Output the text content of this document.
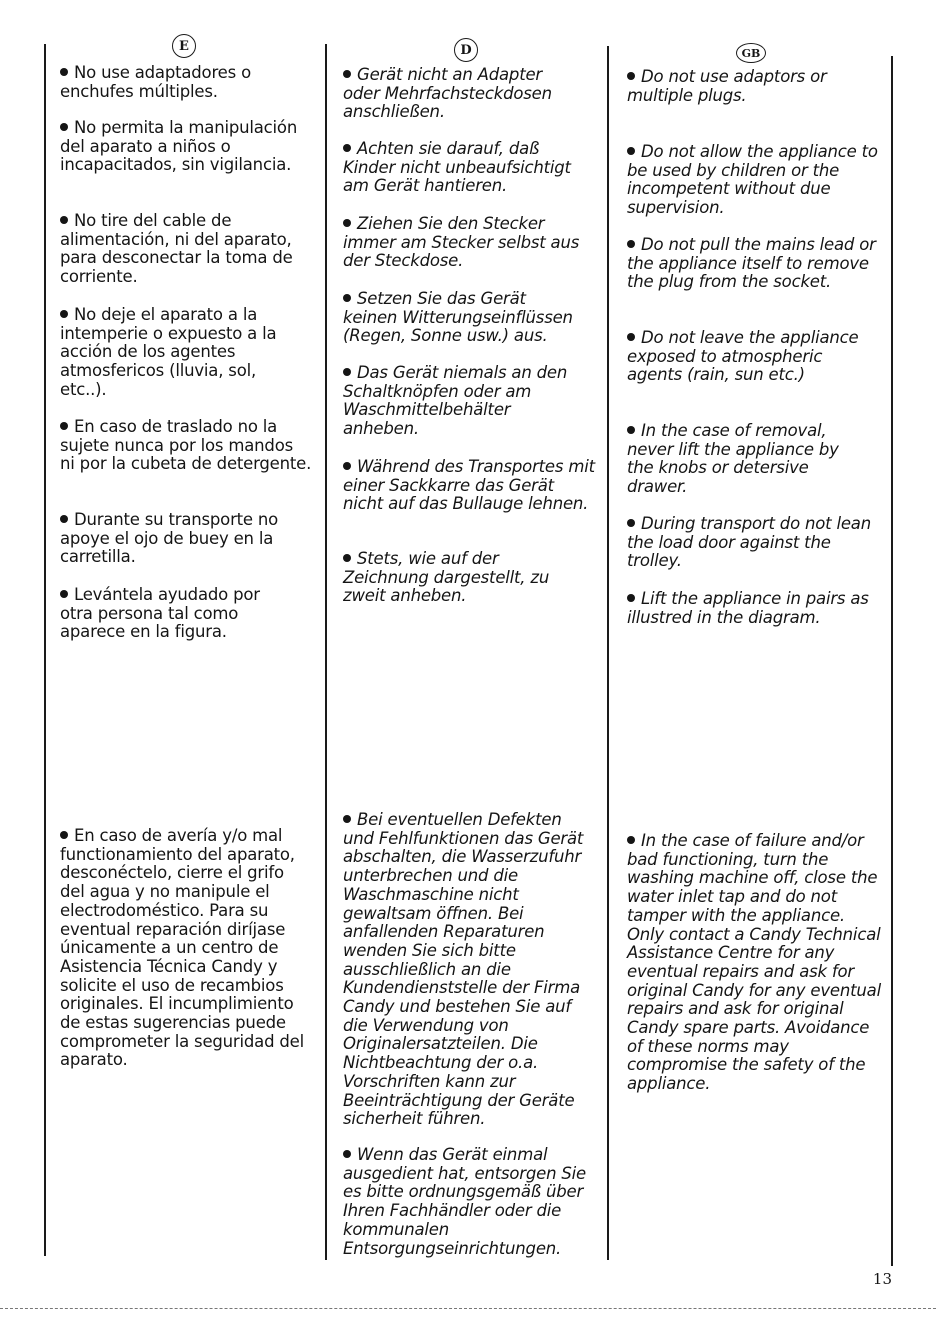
E

No use adaptadores o enchufes múltiples.

No permita la manipulación del aparato a niños o incapacitados, sin vigilancia.

No tire del cable de alimentación, ni del aparato, para desconectar la toma de corriente.

No deje el aparato a la intemperie o expuesto a la acción de los agentes atmosfericos (lluvia, sol, etc..).

En caso de traslado no la sujete nunca por los mandos ni por la cubeta de detergente.

Durante su transporte no apoye el ojo de buey en la carretilla.

Levántela ayudado por otra persona tal como aparece en la figura.

En caso de avería y/o mal functionamiento del aparato, desconéctelo, cierre el grifo del agua y no manipule el electrodoméstico. Para su eventual reparación diríjase únicamente a un centro de Asistencia Técnica Candy y solicite el uso de recambios originales. El incumplimiento de estas sugerencias puede comprometer la seguridad del aparato.

D

Gerät nicht an Adapter oder Mehrfachsteckdosen anschließen.

Achten sie darauf, daß Kinder nicht unbeaufsichtigt am Gerät hantieren.

Ziehen Sie den Stecker immer am Stecker selbst aus der Steckdose.

Setzen Sie das Gerät keinen Witterungseinflüssen (Regen, Sonne usw.) aus.

Das Gerät niemals an den Schaltknöpfen oder am Waschmittelbehälter anheben.

Während des Transportes mit einer Sackkarre das Gerät nicht auf das Bullauge lehnen.

Stets, wie auf der Zeichnung dargestellt, zu zweit anheben.

Bei eventuellen Defekten und Fehlfunktionen das Gerät abschalten, die Wasserzufuhr unterbrechen und die Waschmaschine nicht gewaltsam öffnen. Bei anfallenden Reparaturen wenden Sie sich bitte ausschließlich an die Kundendienststelle der Firma Candy und bestehen Sie auf die Verwendung von Originalersatzteilen. Die Nichtbeachtung der o.a. Vorschriften kann zur Beeinträchtigung der Geräte sicherheit führen.

Wenn das Gerät einmal ausgedient hat, entsorgen Sie es bitte ordnungsgemäß über Ihren Fachhändler oder die kommunalen Entsorgungseinrichtungen.

GB

Do not use adaptors or multiple plugs.

Do not allow the appliance to be used by children or the incompetent without due supervision.

Do not pull the mains lead or the appliance itself to remove the plug from the socket.

Do not leave the appliance exposed to atmospheric agents (rain, sun etc.)

In the case of removal, never lift the appliance by the knobs or detersive drawer.

During transport do not lean the load door against the trolley.

Lift the appliance in pairs as illustred in the diagram.

In the case of failure and/or bad functioning, turn the washing machine off, close the water inlet tap and do not tamper with the appliance. Only contact a Candy Technical Assistance Centre for any eventual repairs and ask for original Candy for any eventual repairs and ask for original Candy spare parts. Avoidance of these norms may compromise the safety of the appliance.

13
